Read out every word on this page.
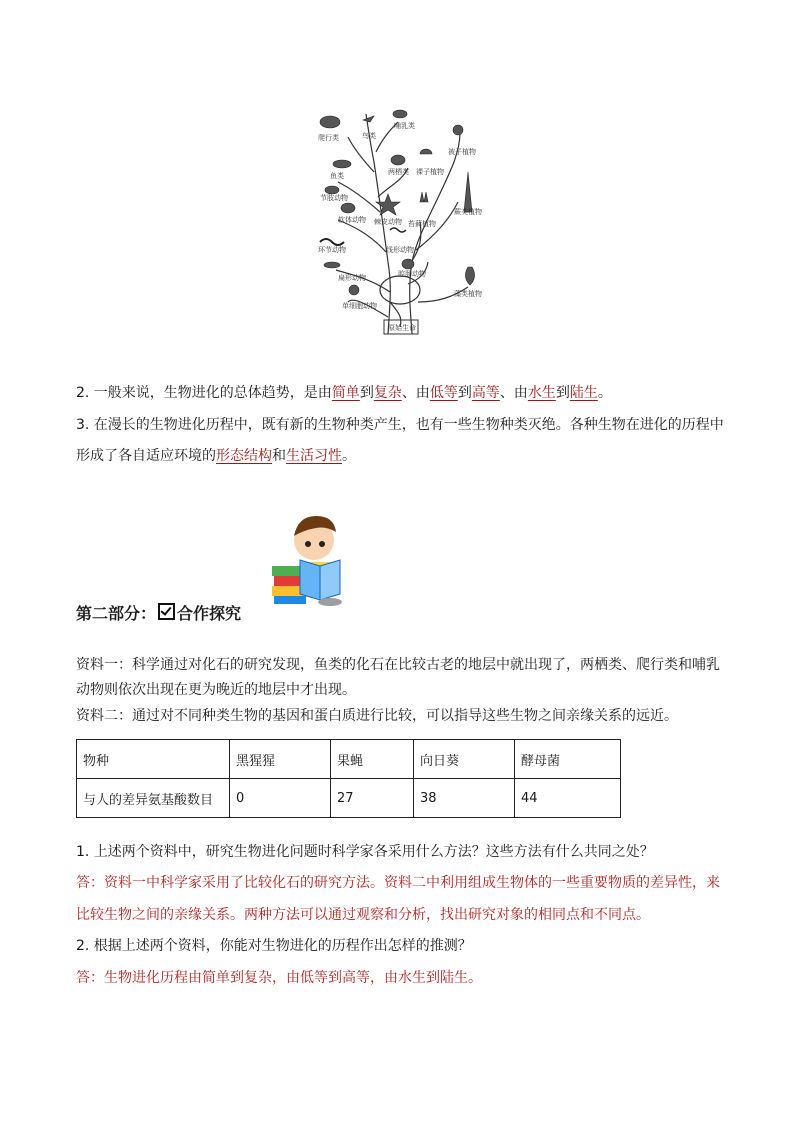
爬行类	鸟类
哺乳类
被子植物
鱼类	两栖类 裸子植物
节肢动物
蕨类植物
软体动物 棘皮动物 苔藓植物
环节动物	线形动物
腔肠动物
扁形动物
藻类植物
单细胞动物
原始生命
2. 一般来说，生物进化的总体趋势，是由简单到复杂、由低等到高等、由水生到陆生。
3. 在漫长的生物进化历程中，既有新的生物种类产生，也有一些生物种类灭绝。各种生物在进化的历程中
形成了各自适应环境的形态结构和生活习性。
第二部分： 合作探究
资料一：科学通过对化石的研究发现，鱼类的化石在比较古老的地层中就出现了，两栖类、爬行类和哺乳
动物则依次出现在更为晚近的地层中才出现。
资料二：通过对不同种类生物的基因和蛋白质进行比较，可以指导这些生物之间亲缘关系的远近。
物种	黑猩猩	果蝇	向日葵	酵母菌
与人的差异氨基酸数目	0	27	38	44
1. 上述两个资料中，研究生物进化问题时科学家各采用什么方法？这些方法有什么共同之处？
答：资料一中科学家采用了比较化石的研究方法。资料二中利用组成生物体的一些重要物质的差异性，来
比较生物之间的亲缘关系。两种方法可以通过观察和分析，找出研究对象的相同点和不同点。
2. 根据上述两个资料，你能对生物进化的历程作出怎样的推测？
答：生物进化历程由简单到复杂，由低等到高等，由水生到陆生。
